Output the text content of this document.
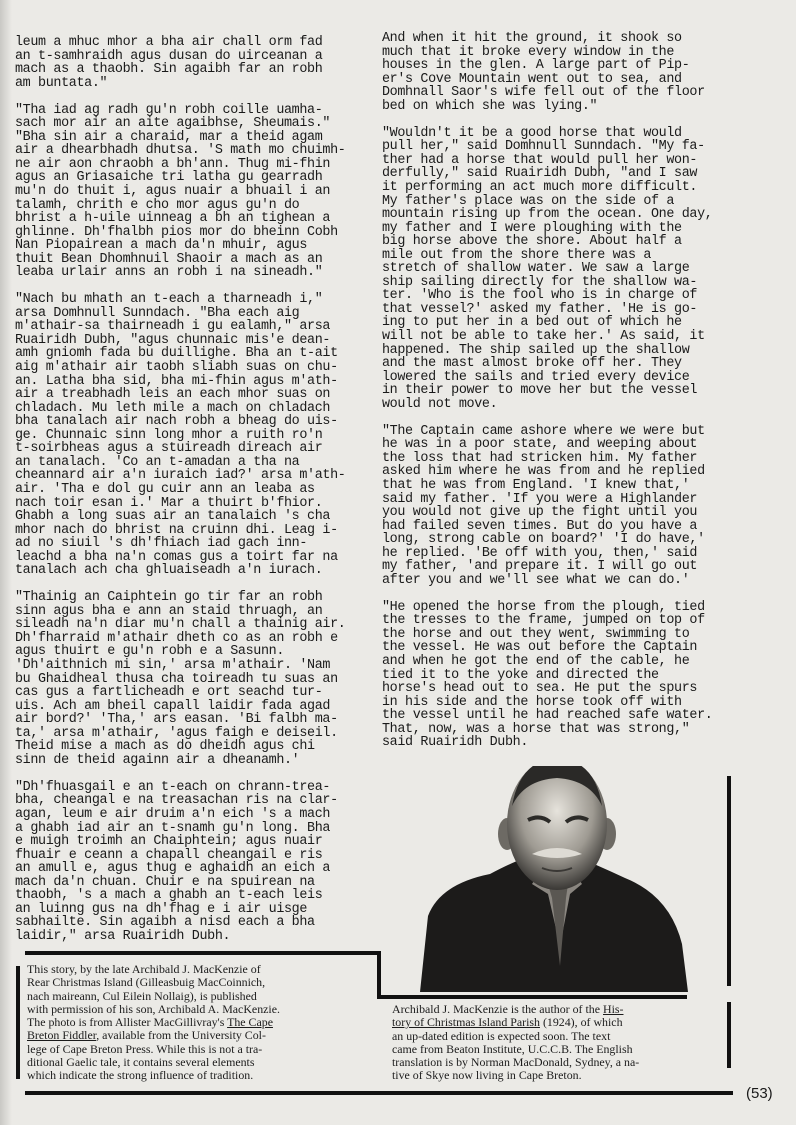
leum a mhuc mhor a bha air chall orm fad
an t-samhraidh agus dusan do uirceanan a
mach as a thaobh. Sin agaibh far an robh
am buntata."

"Tha iad ag radh gu'n robh coille uamha-
sach mor air an aite agaibhse, Sheumais."
"Bha sin air a charaid, mar a theid agam
air a dhearbhadh dhutsa. 'S math mo chuimh-
ne air aon chraobh a bh'ann. Thug mi-fhin
agus an Griasaiche tri latha gu gearradh
mu'n do thuit i, agus nuair a bhuail i an
talamh, chrith e cho mor agus gu'n do
bhrist a h-uile uinneag a bh an tighean a
ghlinne. Dh'fhalbh pios mor do bheinn Cobh
Nan Piopairean a mach da'n mhuir, agus
thuit Bean Dhomhnuil Shaoir a mach as an
leaba urlair anns an robh i na sineadh."

"Nach bu mhath an t-each a tharneadh i,"
arsa Domhnull Sunndach. "Bha each aig
m'athair-sa thairneadh i gu ealamh," arsa
Ruairidh Dubh, "agus chunnaic mis'e dean-
amh gniomh fada bu duillighe. Bha an t-ait
aig m'athair air taobh sliabh suas on chu-
an. Latha bha sid, bha mi-fhin agus m'ath-
air a treabhadh leis an each mhor suas on
chladach. Mu leth mile a mach on chladach
bha tanalach air nach robh a bheag do uis-
ge. Chunnaic sinn long mhor a ruith ro'n
t-soirbheas agus a stuireadh direach air
an tanalach. 'Co an t-amadan a tha na
cheannard air a'n iuraich iad?' arsa m'ath-
air. 'Tha e dol gu cuir ann an leaba as
nach toir esan i.' Mar a thuirt b'fhior.
Ghabh a long suas air an tanalaich 's cha
mhor nach do bhrist na cruinn dhi. Leag i-
ad no siuil 's dh'fhiach iad gach inn-
leachd a bha na'n comas gus a toirt far na
tanalach ach cha ghluaiseadh a'n iurach.

"Thainig an Caiphtein go tir far an robh
sinn agus bha e ann an staid thruagh, an
sileadh na'n diar mu'n chall a thainig air.
Dh'fharraid m'athair dheth co as an robh e
agus thuirt e gu'n robh e a Sasunn.
'Dh'aithnich mi sin,' arsa m'athair. 'Nam
bu Ghaidheal thusa cha toireadh tu suas an
cas gus a fartlicheadh e ort seachd tur-
uis. Ach am bheil capall laidir fada agad
air bord?' 'Tha,' ars easan. 'Bi falbh ma-
ta,' arsa m'athair, 'agus faigh e deiseil.
Theid mise a mach as do dheidh agus chi
sinn de theid againn air a dheanamh.'

"Dh'fhuasgail e an t-each on chrann-trea-
bha, cheangal e na treasachan ris na clar-
agan, leum e air druim a'n eich 's a mach
a ghabh iad air an t-snamh gu'n long. Bha
e muigh troimh an Chaiphtein; agus nuair
fhuair e ceann a chapall cheangail e ris
an amull e, agus thug e aghaidh an eich a
mach da'n chuan. Chuir e na spuirean na
thaobh, 's a mach a ghabh an t-each leis
an luinng gus na dh'fhag e i air uisge
sabhailte. Sin agaibh a nisd each a bha
laidir," arsa Ruairidh Dubh.

And when it hit the ground, it shook so
much that it broke every window in the
houses in the glen. A large part of Pip-
er's Cove Mountain went out to sea, and
Domhnall Saor's wife fell out of the floor
bed on which she was lying."

"Wouldn't it be a good horse that would
pull her," said Domhnull Sunndach. "My fa-
ther had a horse that would pull her won-
derfully," said Ruairidh Dubh, "and I saw
it performing an act much more difficult.
My father's place was on the side of a
mountain rising up from the ocean. One day,
my father and I were ploughing with the
big horse above the shore. About half a
mile out from the shore there was a
stretch of shallow water. We saw a large
ship sailing directly for the shallow wa-
ter. 'Who is the fool who is in charge of
that vessel?' asked my father. 'He is go-
ing to put her in a bed out of which he
will not be able to take her.' As said, it
happened. The ship sailed up the shallow
and the mast almost broke off her. They
lowered the sails and tried every device
in their power to move her but the vessel
would not move.

"The Captain came ashore where we were but
he was in a poor state, and weeping about
the loss that had stricken him. My father
asked him where he was from and he replied
that he was from England. 'I knew that,'
said my father. 'If you were a Highlander
you would not give up the fight until you
had failed seven times. But do you have a
long, strong cable on board?' 'I do have,'
he replied. 'Be off with you, then,' said
my father, 'and prepare it. I will go out
after you and we'll see what we can do.'

"He opened the horse from the plough, tied
the tresses to the frame, jumped on top of
the horse and out they went, swimming to
the vessel. He was out before the Captain
and when he got the end of the cable, he
tied it to the yoke and directed the
horse's head out to sea. He put the spurs
in his side and the horse took off with
the vessel until he had reached safe water.
That, now, was a horse that was strong,"
said Ruairidh Dubh.

This story, by the late Archibald J. MacKenzie of

Rear Christmas Island (Gilleasbuig MacCoinnich,

nach maireann, Cul Eilein Nollaig), is published

with permission of his son, Archibald A. MacKenzie.

The photo is from Allister MacGillivray's The Cape

Breton Fiddler, available from the University Col-

lege of Cape Breton Press. While this is not a tra-

ditional Gaelic tale, it contains several elements

which indicate the strong influence of tradition.

Archibald J. MacKenzie is the author of the His-

tory of Christmas Island Parish (1924), of which

an up-dated edition is expected soon. The text

came from Beaton Institute, U.C.C.B. The English

translation is by Norman MacDonald, Sydney, a na-

tive of Skye now living in Cape Breton.

(53)
